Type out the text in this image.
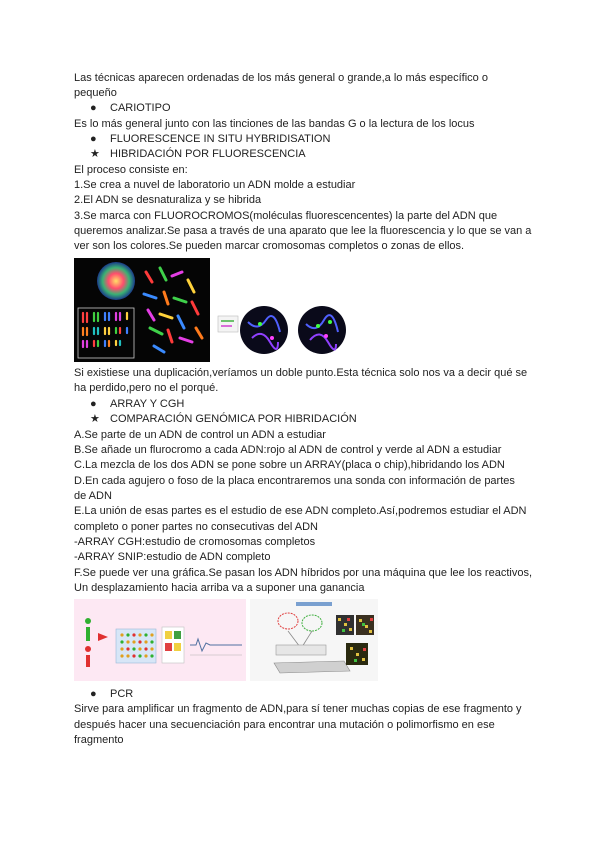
Las técnicas aparecen ordenadas de los más general o grande,a lo más específico o
pequeño
● CARIOTIPO
Es lo más general junto con las tinciones de las bandas G o la lectura de los locus
● FLUORESCENCE IN SITU HYBRIDISATION
★ HIBRIDACIÓN POR FLUORESCENCIA
El proceso consiste en:
1.Se crea a nuvel de laboratorio un ADN molde a estudiar
2.El ADN se desnaturaliza y se hibrida
3.Se marca con FLUOROCROMOS(moléculas fluorescencentes) la parte del ADN que
queremos analizar.Se pasa a través de una aparato que lee la fluorescencia y lo que se van a
ver son los colores.Se pueden marcar cromosomas completos o zonas de ellos.
Si existiese una duplicación,veríamos un doble punto.Esta técnica solo nos va a decir qué se
ha perdido,pero no el porqué.
● ARRAY Y CGH
★ COMPARACIÓN GENÓMICA POR HIBRIDACIÓN
A.Se parte de un ADN de control un ADN a estudiar
B.Se añade un flurocromo a cada ADN:rojo al ADN de control y verde al ADN a estudiar
C.La mezcla de los dos ADN se pone sobre un ARRAY(placa o chip),hibridando los ADN
D.En cada agujero o foso de la placa encontraremos una sonda con información de partes
de ADN
E.La unión de esas partes es el estudio de ese ADN completo.Así,podremos estudiar el ADN
completo o poner partes no consecutivas del ADN
-ARRAY CGH:estudio de cromosomas completos
-ARRAY SNIP:estudio de ADN completo
F.Se puede ver una gráfica.Se pasan los ADN híbridos por una máquina que lee los reactivos,
Un desplazamiento hacia arriba va a suponer una ganancia
● PCR
Sirve para amplificar un fragmento de ADN,para sí tener muchas copias de ese fragmento y
después hacer una secuenciación para encontrar una mutación o polimorfismo en ese
fragmento
